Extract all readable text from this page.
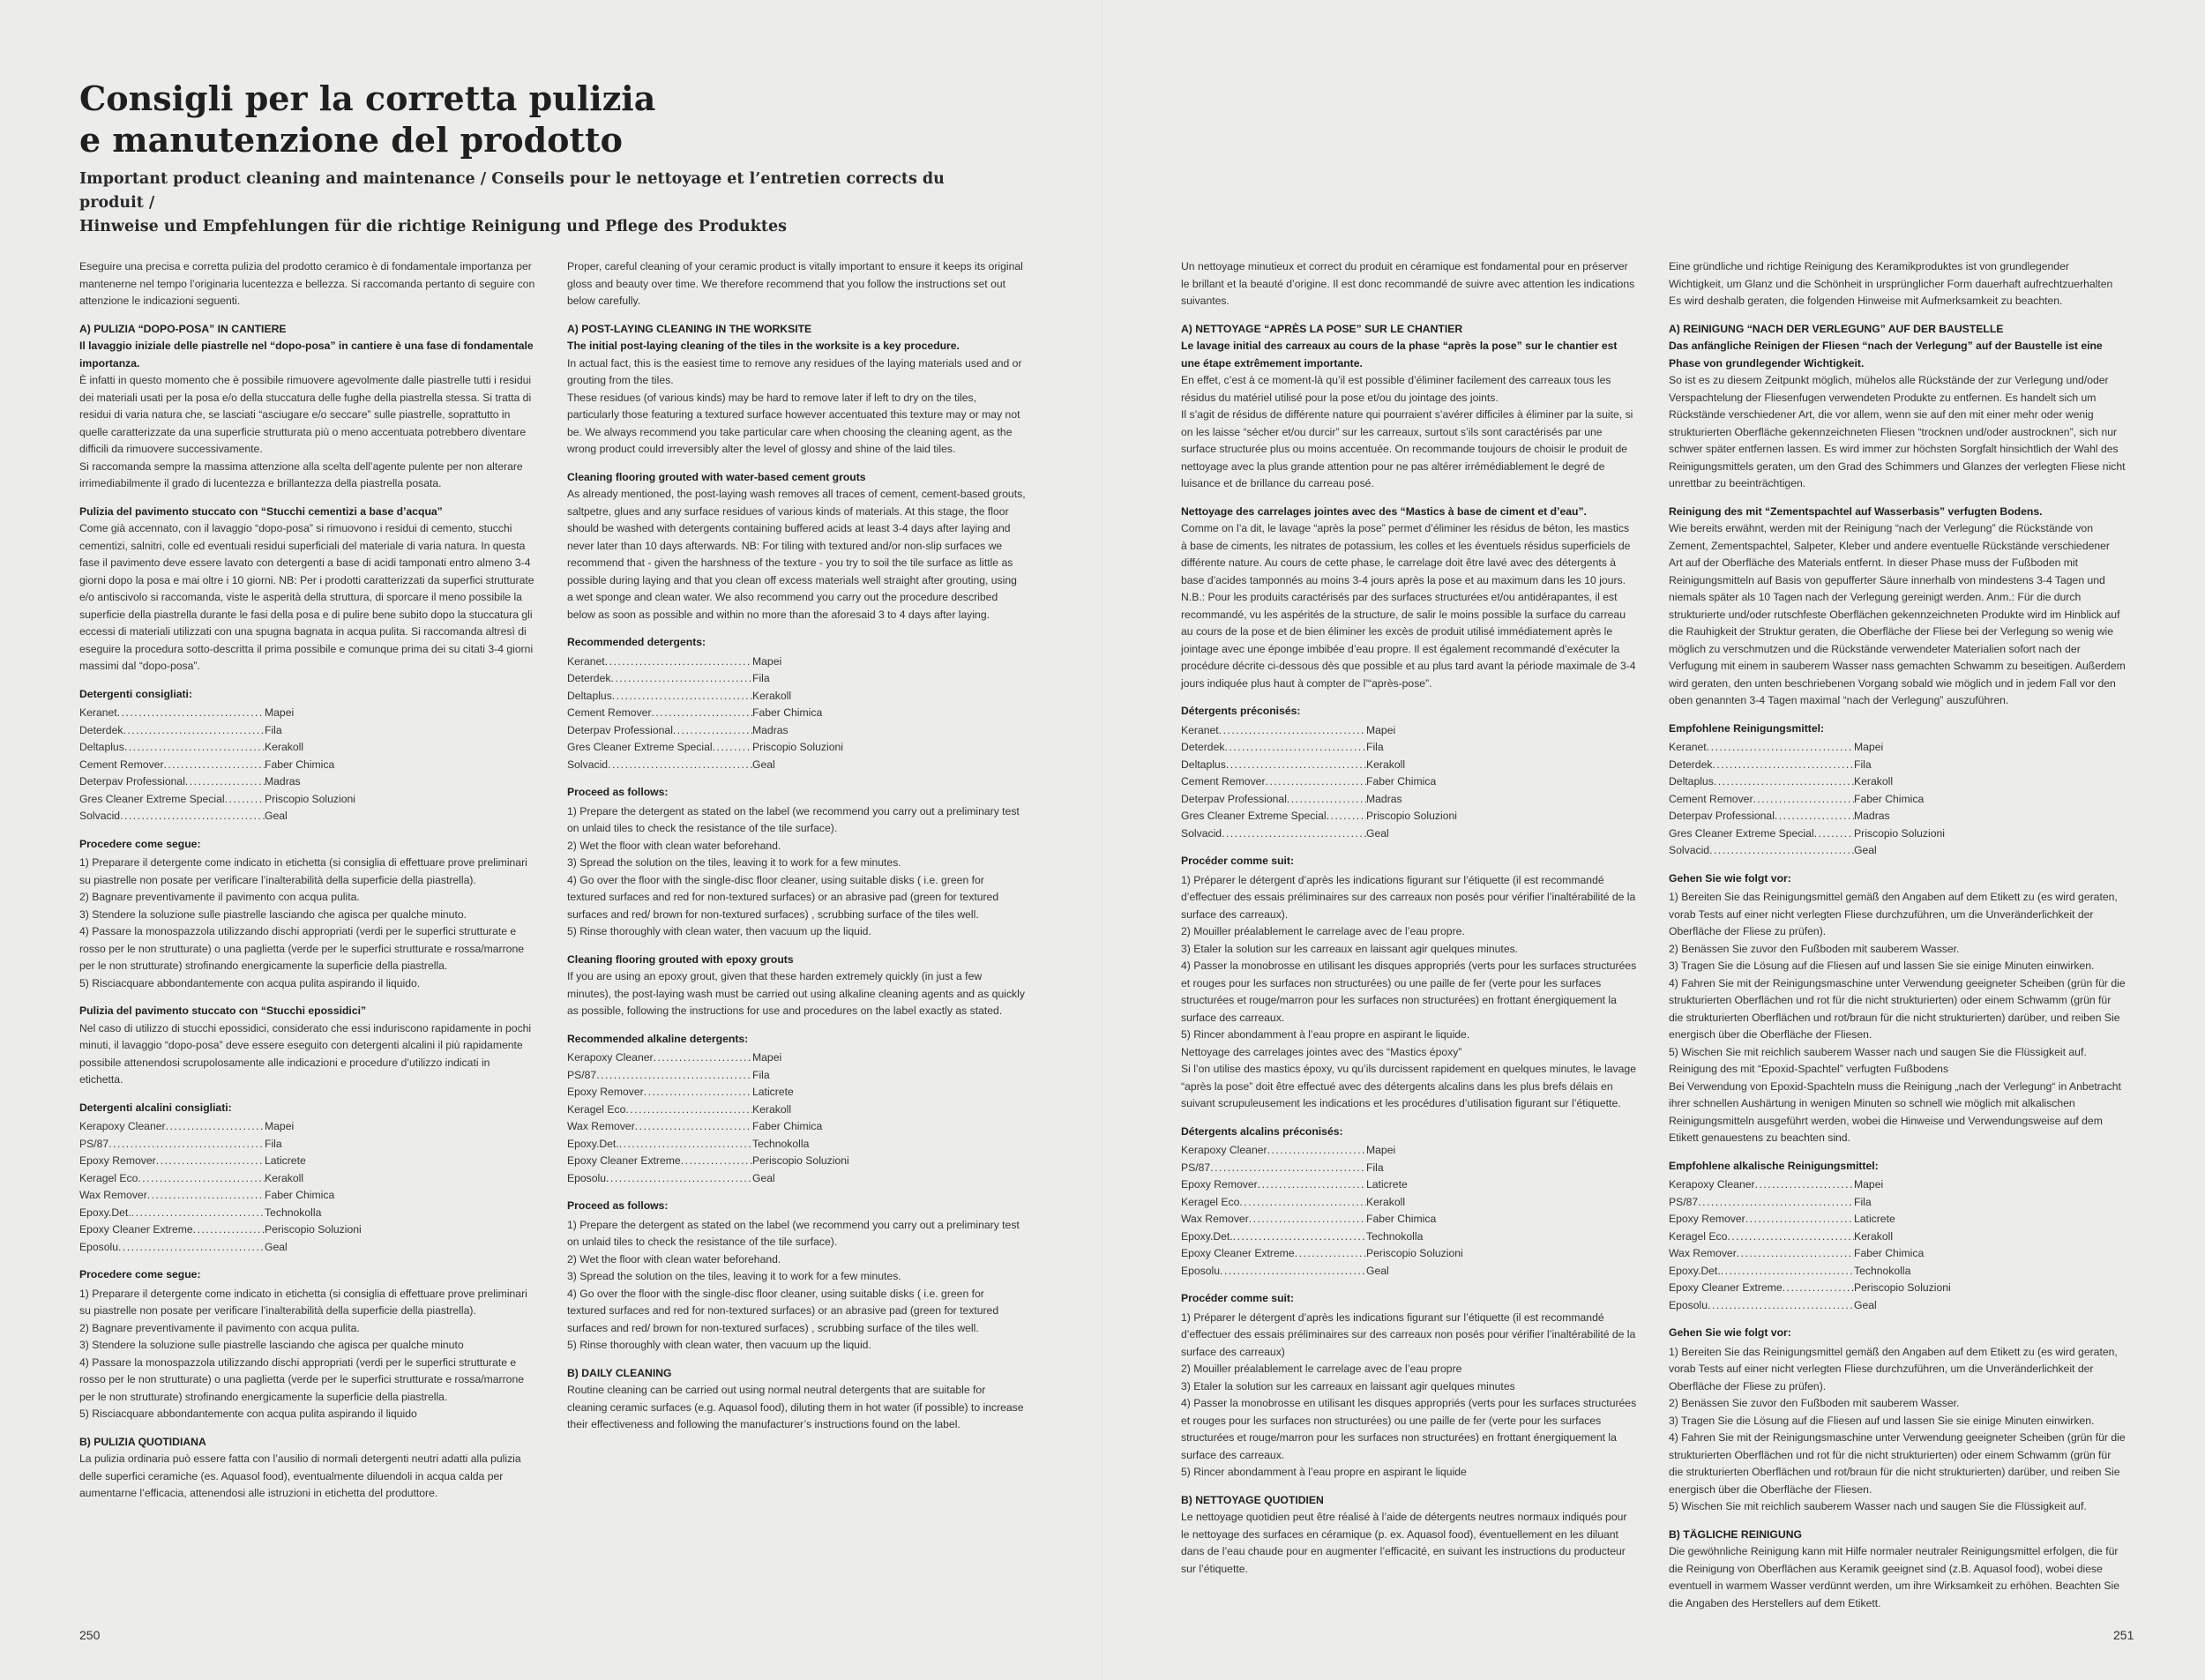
Consigli per la corretta pulizia
e manutenzione del prodotto
Important product cleaning and maintenance / Conseils pour le nettoyage et l’entretien corrects du produit /
Hinweise und Empfehlungen für die richtige Reinigung und Pflege des Produktes

Eseguire una precisa e corretta pulizia del prodotto ceramico è di fondamentale importanza per mantenerne nel tempo l’originaria lucentezza e bellezza. Si raccomanda pertanto di seguire con attenzione le indicazioni seguenti.

A) PULIZIA “DOPO-POSA” IN CANTIERE

Il lavaggio iniziale delle piastrelle nel “dopo-posa” in cantiere è una fase di fondamentale importanza.

È infatti in questo momento che è possibile rimuovere agevolmente dalle piastrelle tutti i residui dei materiali usati per la posa e/o della stuccatura delle fughe della piastrella stessa. Si tratta di residui di varia natura che, se lasciati “asciugare e/o seccare” sulle piastrelle, soprattutto in quelle caratterizzate da una superficie strutturata più o meno accentuata potrebbero diventare difficili da rimuovere successivamente.

Si raccomanda sempre la massima attenzione alla scelta dell’agente pulente per non alterare irrimediabilmente il grado di lucentezza e brillantezza della piastrella posata.

Pulizia del pavimento stuccato con “Stucchi cementizi a base d’acqua”

Come già accennato, con il lavaggio “dopo-posa” si rimuovono i residui di cemento, stucchi cementizi, salnitri, colle ed eventuali residui superficiali del materiale di varia natura. In questa fase il pavimento deve essere lavato con detergenti a base di acidi tamponati entro almeno 3-4 giorni dopo la posa e mai oltre i 10 giorni. NB: Per i prodotti caratterizzati da superfici strutturate e/o antiscivolo si raccomanda, viste le asperità della struttura, di sporcare il meno possibile la superficie della piastrella durante le fasi della posa e di pulire bene subito dopo la stuccatura gli eccessi di materiali utilizzati con una spugna bagnata in acqua pulita. Si raccomanda altresì di eseguire la procedura sotto-descritta il prima possibile e comunque prima dei su citati 3-4 giorni massimi dal “dopo-posa”.

Detergenti consigliati:

Keranet .....	Mapei
Deterdek .....	Fila
Deltaplus .....	Kerakoll
Cement Remover .....	Faber Chimica
Deterpav Professional .....	Madras
Gres Cleaner Extreme Special .....	Priscopio Soluzioni
Solvacid .....	Geal

Procedere come segue:

1) Preparare il detergente come indicato in etichetta (si consiglia di effettuare prove preliminari su piastrelle non posate per verificare l’inalterabilità della superficie della piastrella).

2) Bagnare preventivamente il pavimento con acqua pulita.

3) Stendere la soluzione sulle piastrelle lasciando che agisca per qualche minuto.

4) Passare la monospazzola utilizzando dischi appropriati (verdi per le superfici strutturate e rosso per le non strutturate) o una paglietta (verde per le superfici strutturate e rossa/marrone per le non strutturate) strofinando energicamente la superficie della piastrella.

5) Risciacquare abbondantemente con acqua pulita aspirando il liquido.

Pulizia del pavimento stuccato con “Stucchi epossidici”

Nel caso di utilizzo di stucchi epossidici, considerato che essi induriscono rapidamente in pochi minuti, il lavaggio “dopo-posa” deve essere eseguito con detergenti alcalini il più rapidamente possibile attenendosi scrupolosamente alle indicazioni e procedure d’utilizzo indicati in etichetta.

Detergenti alcalini consigliati:

Kerapoxy Cleaner .....	Mapei
PS/87 .....	Fila
Epoxy Remover .....	Laticrete
Keragel Eco .....	Kerakoll
Wax Remover .....	Faber Chimica
Epoxy.Det. .....	Technokolla
Epoxy Cleaner Extreme .....	Periscopio Soluzioni
Eposolu .....	Geal

Procedere come segue:

1) Preparare il detergente come indicato in etichetta (si consiglia di effettuare prove preliminari su piastrelle non posate per verificare l’inalterabilità della superficie della piastrella).

2) Bagnare preventivamente il pavimento con acqua pulita.

3) Stendere la soluzione sulle piastrelle lasciando che agisca per qualche minuto

4) Passare la monospazzola utilizzando dischi appropriati (verdi per le superfici strutturate e rosso per le non strutturate) o una paglietta (verde per le superfici strutturate e rossa/marrone per le non strutturate) strofinando energicamente la superficie della piastrella.

5) Risciacquare abbondantemente con acqua pulita aspirando il liquido

B) PULIZIA QUOTIDIANA

La pulizia ordinaria può essere fatta con l’ausilio di normali detergenti neutri adatti alla pulizia delle superfici ceramiche (es. Aquasol food), eventualmente diluendoli in acqua calda per aumentarne l’efficacia, attenendosi alle istruzioni in etichetta del produttore.

Proper, careful cleaning of your ceramic product is vitally important to ensure it keeps its original gloss and beauty over time. We therefore recommend that you follow the instructions set out below carefully.

A) POST-LAYING CLEANING IN THE WORKSITE

The initial post-laying cleaning of the tiles in the worksite is a key procedure.

In actual fact, this is the easiest time to remove any residues of the laying materials used and or grouting from the tiles.

These residues (of various kinds) may be hard to remove later if left to dry on the tiles, particularly those featuring a textured surface however accentuated this texture may or may not be. We always recommend you take particular care when choosing the cleaning agent, as the wrong product could irreversibly alter the level of glossy and shine of the laid tiles.

Cleaning flooring grouted with water-based cement grouts

As already mentioned, the post-laying wash removes all traces of cement, cement-based grouts, saltpetre, glues and any surface residues of various kinds of materials. At this stage, the floor should be washed with detergents containing buffered acids at least 3-4 days after laying and never later than 10 days afterwards. NB: For tiling with textured and/or non-slip surfaces we recommend that - given the harshness of the texture - you try to soil the tile surface as little as possible during laying and that you clean off excess materials well straight after grouting, using a wet sponge and clean water. We also recommend you carry out the procedure described below as soon as possible and within no more than the aforesaid 3 to 4 days after laying.

Recommended detergents:

Keranet .....	Mapei
Deterdek .....	Fila
Deltaplus .....	Kerakoll
Cement Remover .....	Faber Chimica
Deterpav Professional .....	Madras
Gres Cleaner Extreme Special .....	Priscopio Soluzioni
Solvacid .....	Geal

Proceed as follows:

1) Prepare the detergent as stated on the label (we recommend you carry out a preliminary test on unlaid tiles to check the resistance of the tile surface).

2) Wet the floor with clean water beforehand.

3) Spread the solution on the tiles, leaving it to work for a few minutes.

4) Go over the floor with the single-disc floor cleaner, using suitable disks ( i.e. green for textured surfaces and red for non-textured surfaces) or an abrasive pad (green for textured surfaces and red/ brown for non-textured surfaces) , scrubbing surface of the tiles well.

5) Rinse thoroughly with clean water, then vacuum up the liquid.

Cleaning flooring grouted with epoxy grouts

If you are using an epoxy grout, given that these harden extremely quickly (in just a few minutes), the post-laying wash must be carried out using alkaline cleaning agents and as quickly as possible, following the instructions for use and procedures on the label exactly as stated.

Recommended alkaline detergents:

Kerapoxy Cleaner .....	Mapei
PS/87 .....	Fila
Epoxy Remover .....	Laticrete
Keragel Eco .....	Kerakoll
Wax Remover .....	Faber Chimica
Epoxy.Det. .....	Technokolla
Epoxy Cleaner Extreme .....	Periscopio Soluzioni
Eposolu .....	Geal

Proceed as follows:

1) Prepare the detergent as stated on the label (we recommend you carry out a preliminary test on unlaid tiles to check the resistance of the tile surface).

2) Wet the floor with clean water beforehand.

3) Spread the solution on the tiles, leaving it to work for a few minutes.

4) Go over the floor with the single-disc floor cleaner, using suitable disks ( i.e. green for textured surfaces and red for non-textured surfaces) or an abrasive pad (green for textured surfaces and red/ brown for non-textured surfaces) , scrubbing surface of the tiles well.

5) Rinse thoroughly with clean water, then vacuum up the liquid.

B) DAILY CLEANING

Routine cleaning can be carried out using normal neutral detergents that are suitable for cleaning ceramic surfaces (e.g. Aquasol food), diluting them in hot water (if possible) to increase their effectiveness and following the manufacturer’s instructions found on the label.

250

Un nettoyage minutieux et correct du produit en céramique est fondamental pour en préserver le brillant et la beauté d’origine. Il est donc recommandé de suivre avec attention les indications suivantes.

A) NETTOYAGE “APRÈS LA POSE” SUR LE CHANTIER

Le lavage initial des carreaux au cours de la phase “après la pose” sur le chantier est une étape extrêmement importante.

En effet, c’est à ce moment-là qu’il est possible d’éliminer facilement des carreaux tous les résidus du matériel utilisé pour la pose et/ou du jointage des joints.

Il s’agit de résidus de différente nature qui pourraient s’avérer difficiles à éliminer par la suite, si on les laisse “sécher et/ou durcir” sur les carreaux, surtout s’ils sont caractérisés par une surface structurée plus ou moins accentuée. On recommande toujours de choisir le produit de nettoyage avec la plus grande attention pour ne pas altérer irrémédiablement le degré de luisance et de brillance du carreau posé.

Nettoyage des carrelages jointes avec des “Mastics à base de ciment et d’eau”.

Comme on l’a dit, le lavage “après la pose” permet d’éliminer les résidus de béton, les mastics à base de ciments, les nitrates de potassium, les colles et les éventuels résidus superficiels de différente nature. Au cours de cette phase, le carrelage doit être lavé avec des détergents à base d’acides tamponnés au moins 3-4 jours après la pose et au maximum dans les 10 jours. N.B.: Pour les produits caractérisés par des surfaces structurées et/ou antidérapantes, il est recommandé, vu les aspérités de la structure, de salir le moins possible la surface du carreau au cours de la pose et de bien éliminer les excès de produit utilisé immédiatement après le jointage avec une éponge imbibée d’eau propre. Il est également recommandé d’exécuter la procédure décrite ci-dessous dès que possible et au plus tard avant la période maximale de 3-4 jours indiquée plus haut à compter de l’“après-pose”.

Détergents préconisés:

Keranet .....	Mapei
Deterdek .....	Fila
Deltaplus .....	Kerakoll
Cement Remover .....	Faber Chimica
Deterpav Professional .....	Madras
Gres Cleaner Extreme Special .....	Priscopio Soluzioni
Solvacid .....	Geal

Procéder comme suit:

1) Préparer le détergent d’après les indications figurant sur l’étiquette (il est recommandé d’effectuer des essais préliminaires sur des carreaux non posés pour vérifier l’inaltérabilité de la surface des carreaux).

2) Mouiller préalablement le carrelage avec de l’eau propre.

3) Etaler la solution sur les carreaux en laissant agir quelques minutes.

4) Passer la monobrosse en utilisant les disques appropriés (verts pour les surfaces structurées et rouges pour les surfaces non structurées) ou une paille de fer (verte pour les surfaces structurées et rouge/marron pour les surfaces non structurées) en frottant énergiquement la surface des carreaux.

5) Rincer abondamment à l’eau propre en aspirant le liquide.

Nettoyage des carrelages jointes avec des “Mastics époxy”

Si l’on utilise des mastics époxy, vu qu’ils durcissent rapidement en quelques minutes, le lavage “après la pose” doit être effectué avec des détergents alcalins dans les plus brefs délais en suivant scrupuleusement les indications et les procédures d’utilisation figurant sur l’étiquette.

Détergents alcalins préconisés:

Kerapoxy Cleaner .....	Mapei
PS/87 .....	Fila
Epoxy Remover .....	Laticrete
Keragel Eco .....	Kerakoll
Wax Remover .....	Faber Chimica
Epoxy.Det. .....	Technokolla
Epoxy Cleaner Extreme .....	Periscopio Soluzioni
Eposolu .....	Geal

Procéder comme suit:

1) Préparer le détergent d’après les indications figurant sur l’étiquette (il est recommandé d’effectuer des essais préliminaires sur des carreaux non posés pour vérifier l’inaltérabilité de la surface des carreaux)

2) Mouiller préalablement le carrelage avec de l’eau propre

3) Etaler la solution sur les carreaux en laissant agir quelques minutes

4) Passer la monobrosse en utilisant les disques appropriés (verts pour les surfaces structurées et rouges pour les surfaces non structurées) ou une paille de fer (verte pour les surfaces structurées et rouge/marron pour les surfaces non structurées) en frottant énergiquement la surface des carreaux.

5) Rincer abondamment à l’eau propre en aspirant le liquide

B) NETTOYAGE QUOTIDIEN

Le nettoyage quotidien peut être réalisé à l’aide de détergents neutres normaux indiqués pour le nettoyage des surfaces en céramique (p. ex. Aquasol food), éventuellement en les diluant dans de l’eau chaude pour en augmenter l’efficacité, en suivant les instructions du producteur sur l’étiquette.

Eine gründliche und richtige Reinigung des Keramikproduktes ist von grundlegender Wichtigkeit, um Glanz und die Schönheit in ursprünglicher Form dauerhaft aufrechtzuerhalten Es wird deshalb geraten, die folgenden Hinweise mit Aufmerksamkeit zu beachten.

A) REINIGUNG “NACH DER VERLEGUNG” AUF DER BAUSTELLE

Das anfängliche Reinigen der Fliesen “nach der Verlegung” auf der Baustelle ist eine Phase von grundlegender Wichtigkeit.

So ist es zu diesem Zeitpunkt möglich, mühelos alle Rückstände der zur Verlegung und/oder Verspachtelung der Fliesenfugen verwendeten Produkte zu entfernen. Es handelt sich um Rückstände verschiedener Art, die vor allem, wenn sie auf den mit einer mehr oder wenig strukturierten Oberfläche gekennzeichneten Fliesen “trocknen und/oder austrocknen”, sich nur schwer später entfernen lassen. Es wird immer zur höchsten Sorgfalt hinsichtlich der Wahl des Reinigungsmittels geraten, um den Grad des Schimmers und Glanzes der verlegten Fliese nicht unrettbar zu beeinträchtigen.

Reinigung des mit “Zementspachtel auf Wasserbasis” verfugten Bodens.

Wie bereits erwähnt, werden mit der Reinigung “nach der Verlegung” die Rückstände von Zement, Zementspachtel, Salpeter, Kleber und andere eventuelle Rückstände verschiedener Art auf der Oberfläche des Materials entfernt. In dieser Phase muss der Fußboden mit Reinigungsmitteln auf Basis von gepufferter Säure innerhalb von mindestens 3-4 Tagen und niemals später als 10 Tagen nach der Verlegung gereinigt werden. Anm.: Für die durch strukturierte und/oder rutschfeste Oberflächen gekennzeichneten Produkte wird im Hinblick auf die Rauhigkeit der Struktur geraten, die Oberfläche der Fliese bei der Verlegung so wenig wie möglich zu verschmutzen und die Rückstände verwendeter Materialien sofort nach der Verfugung mit einem in sauberem Wasser nass gemachten Schwamm zu beseitigen. Außerdem wird geraten, den unten beschriebenen Vorgang sobald wie möglich und in jedem Fall vor den oben genannten 3-4 Tagen maximal “nach der Verlegung” auszuführen.

Empfohlene Reinigungsmittel:

Keranet .....	Mapei
Deterdek .....	Fila
Deltaplus .....	Kerakoll
Cement Remover .....	Faber Chimica
Deterpav Professional .....	Madras
Gres Cleaner Extreme Special .....	Priscopio Soluzioni
Solvacid .....	Geal

Gehen Sie wie folgt vor:

1) Bereiten Sie das Reinigungsmittel gemäß den Angaben auf dem Etikett zu (es wird geraten, vorab Tests auf einer nicht verlegten Fliese durchzuführen, um die Unveränderlichkeit der Oberfläche der Fliese zu prüfen).

2) Benässen Sie zuvor den Fußboden mit sauberem Wasser.

3) Tragen Sie die Lösung auf die Fliesen auf und lassen Sie sie einige Minuten einwirken.

4) Fahren Sie mit der Reinigungsmaschine unter Verwendung geeigneter Scheiben (grün für die strukturierten Oberflächen und rot für die nicht strukturierten) oder einem Schwamm (grün für die strukturierten Oberflächen und rot/braun für die nicht strukturierten) darüber, und reiben Sie energisch über die Oberfläche der Fliesen.

5) Wischen Sie mit reichlich sauberem Wasser nach und saugen Sie die Flüssigkeit auf.

Reinigung des mit “Epoxid-Spachtel” verfugten Fußbodens

Bei Verwendung von Epoxid-Spachteln muss die Reinigung „nach der Verlegung“ in Anbetracht ihrer schnellen Aushärtung in wenigen Minuten so schnell wie möglich mit alkalischen Reinigungsmitteln ausgeführt werden, wobei die Hinweise und Verwendungsweise auf dem Etikett genauestens zu beachten sind.

Empfohlene alkalische Reinigungsmittel:

Kerapoxy Cleaner .....	Mapei
PS/87 .....	Fila
Epoxy Remover .....	Laticrete
Keragel Eco .....	Kerakoll
Wax Remover .....	Faber Chimica
Epoxy.Det. .....	Technokolla
Epoxy Cleaner Extreme .....	Periscopio Soluzioni
Eposolu .....	Geal

Gehen Sie wie folgt vor:

1) Bereiten Sie das Reinigungsmittel gemäß den Angaben auf dem Etikett zu (es wird geraten, vorab Tests auf einer nicht verlegten Fliese durchzuführen, um die Unveränderlichkeit der Oberfläche der Fliese zu prüfen).

2) Benässen Sie zuvor den Fußboden mit sauberem Wasser.

3) Tragen Sie die Lösung auf die Fliesen auf und lassen Sie sie einige Minuten einwirken.

4) Fahren Sie mit der Reinigungsmaschine unter Verwendung geeigneter Scheiben (grün für die strukturierten Oberflächen und rot für die nicht strukturierten) oder einem Schwamm (grün für die strukturierten Oberflächen und rot/braun für die nicht strukturierten) darüber, und reiben Sie energisch über die Oberfläche der Fliesen.

5) Wischen Sie mit reichlich sauberem Wasser nach und saugen Sie die Flüssigkeit auf.

B) TÄGLICHE REINIGUNG

Die gewöhnliche Reinigung kann mit Hilfe normaler neutraler Reinigungsmittel erfolgen, die für die Reinigung von Oberflächen aus Keramik geeignet sind (z.B. Aquasol food), wobei diese eventuell in warmem Wasser verdünnt werden, um ihre Wirksamkeit zu erhöhen. Beachten Sie die Angaben des Herstellers auf dem Etikett.

251
